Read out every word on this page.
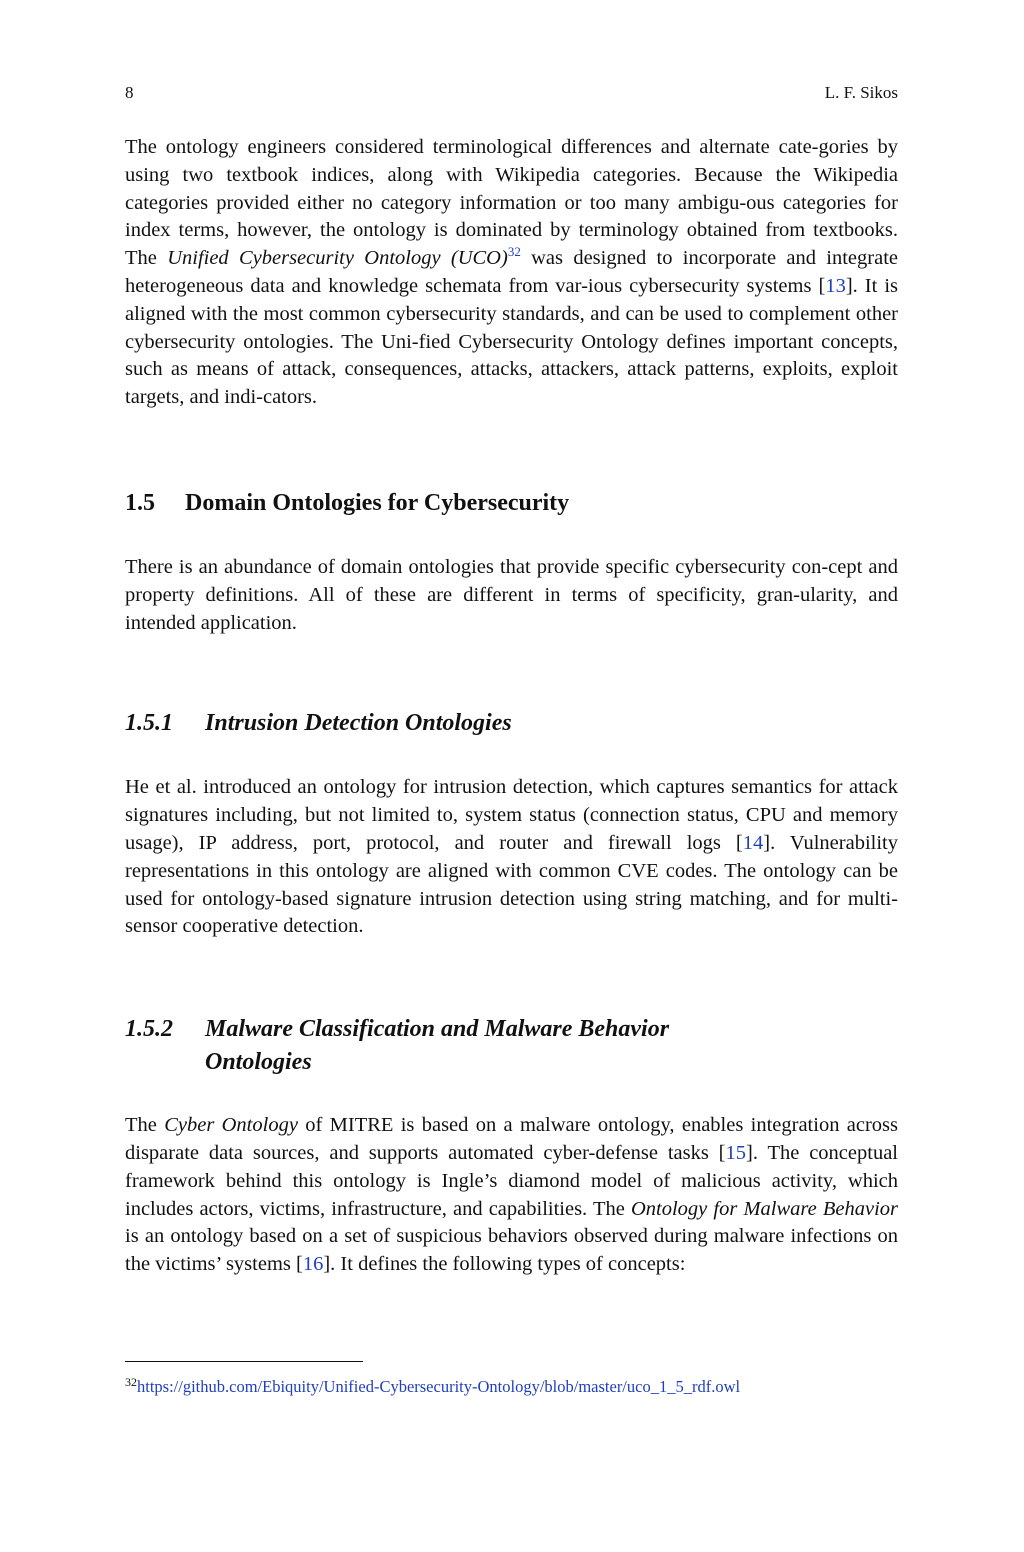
8	L. F. Sikos

The ontology engineers considered terminological differences and alternate cate-gories by using two textbook indices, along with Wikipedia categories. Because the Wikipedia categories provided either no category information or too many ambigu-ous categories for index terms, however, the ontology is dominated by terminology obtained from textbooks. The Unified Cybersecurity Ontology (UCO)$^{32}$ was designed to incorporate and integrate heterogeneous data and knowledge schemata from var-ious cybersecurity systems [13]. It is aligned with the most common cybersecurity standards, and can be used to complement other cybersecurity ontologies. The Uni-fied Cybersecurity Ontology defines important concepts, such as means of attack, consequences, attacks, attackers, attack patterns, exploits, exploit targets, and indi-cators.

1.5	Domain Ontologies for Cybersecurity

There is an abundance of domain ontologies that provide specific cybersecurity con-cept and property definitions. All of these are different in terms of specificity, gran-ularity, and intended application.

1.5.1	Intrusion Detection Ontologies

He et al. introduced an ontology for intrusion detection, which captures semantics for attack signatures including, but not limited to, system status (connection status, CPU and memory usage), IP address, port, protocol, and router and firewall logs [14]. Vulnerability representations in this ontology are aligned with common CVE codes. The ontology can be used for ontology-based signature intrusion detection using string matching, and for multi-sensor cooperative detection.

1.5.2	Malware Classification and Malware Behavior
Ontologies

The Cyber Ontology of MITRE is based on a malware ontology, enables integration across disparate data sources, and supports automated cyber-defense tasks [15]. The conceptual framework behind this ontology is Ingle’s diamond model of malicious activity, which includes actors, victims, infrastructure, and capabilities. The Ontology for Malware Behavior is an ontology based on a set of suspicious behaviors observed during malware infections on the victims’ systems [16]. It defines the following types of concepts:

$^{32}$https://github.com/Ebiquity/Unified-Cybersecurity-Ontology/blob/master/uco_1_5_rdf.owl
